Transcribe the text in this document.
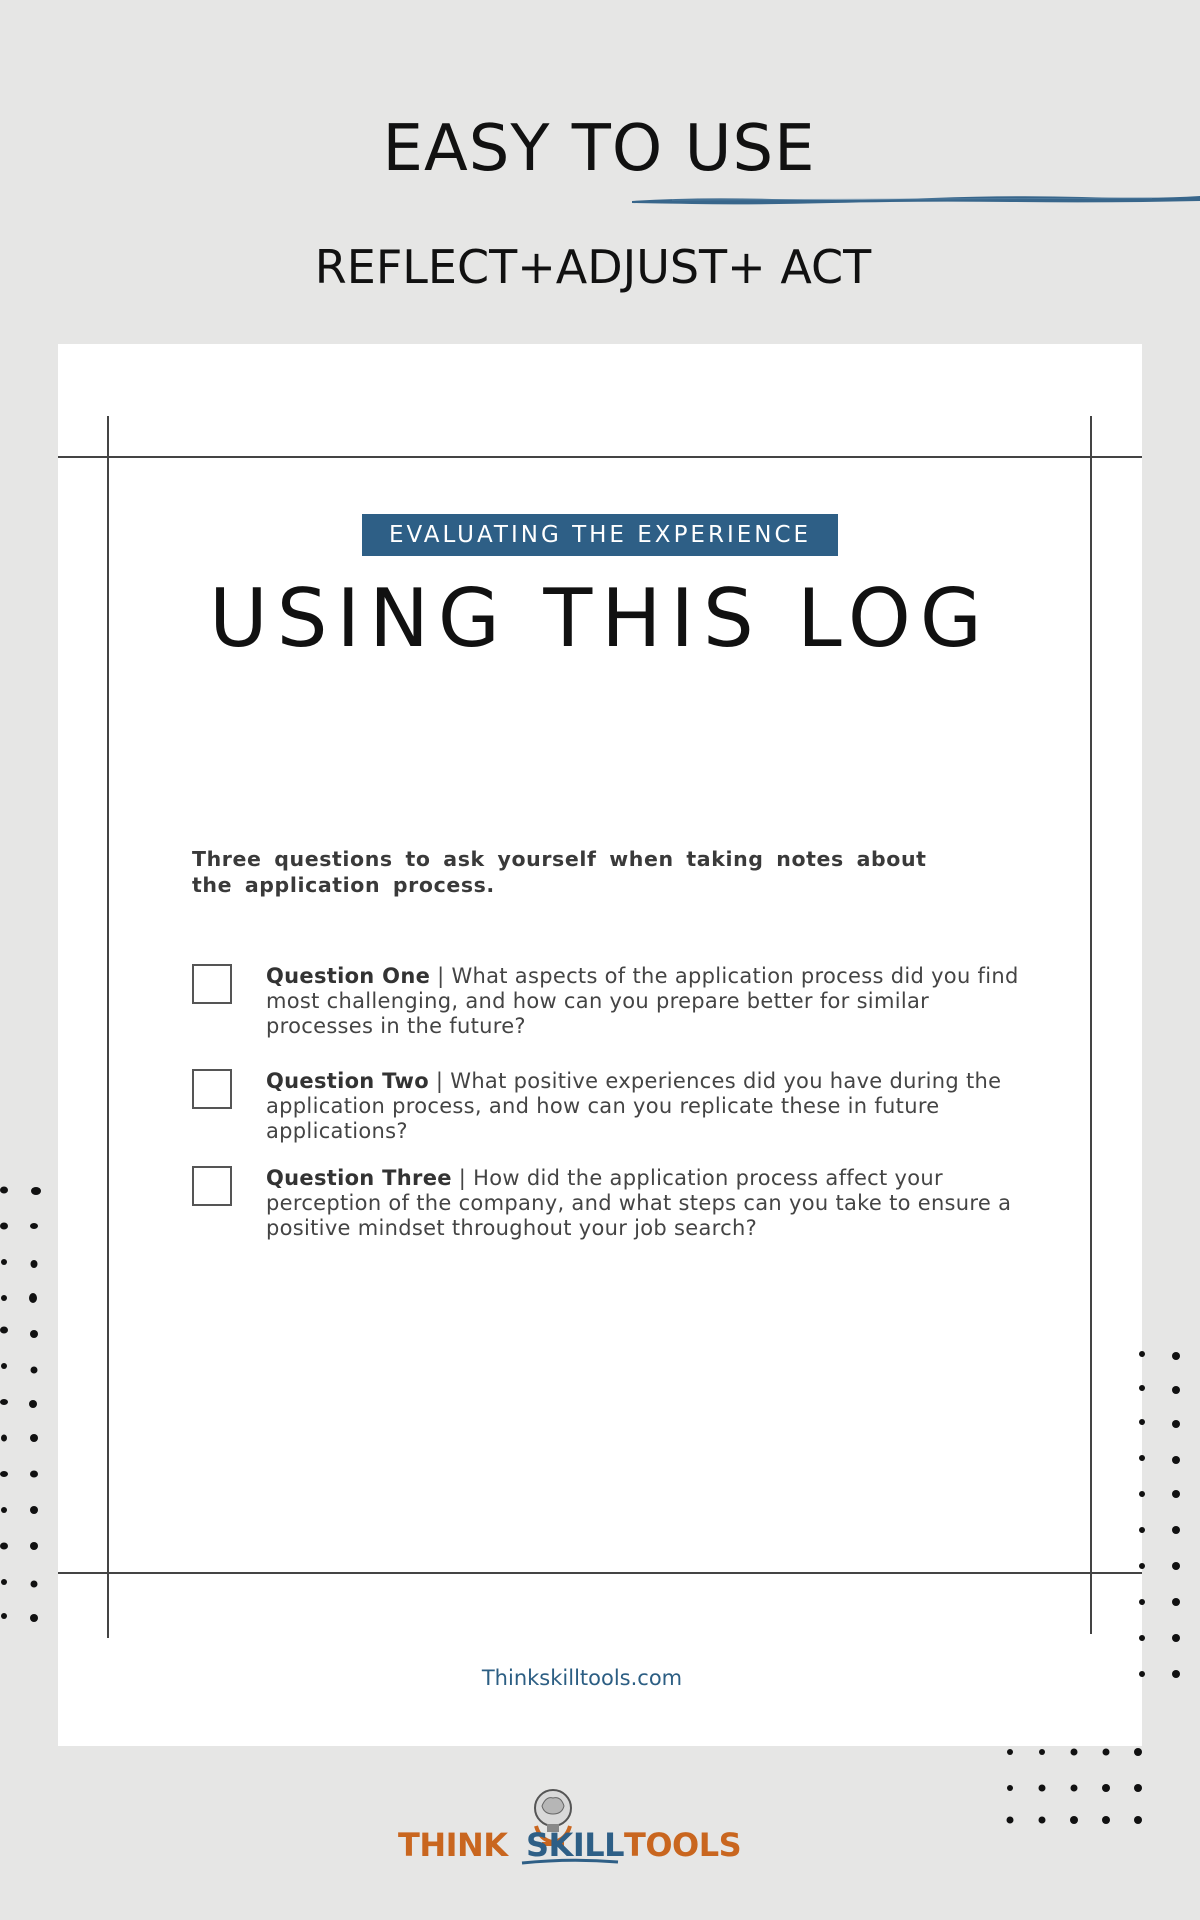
EASY TO USE
REFLECT+ADJUST+ ACT
EVALUATING THE EXPERIENCE
USING THIS LOG
Three questions to ask yourself when taking notes about the application process.
Question One | What aspects of the application process did you find most challenging, and how can you prepare better for similar processes in the future?
Question Two | What positive experiences did you have during the application process, and how can you replicate these in future applications?
Question Three | How did the application process affect your perception of the company, and what steps can you take to ensure a positive mindset throughout your job search?
Thinkskilltools.com
THINK SKILL TOOLS
